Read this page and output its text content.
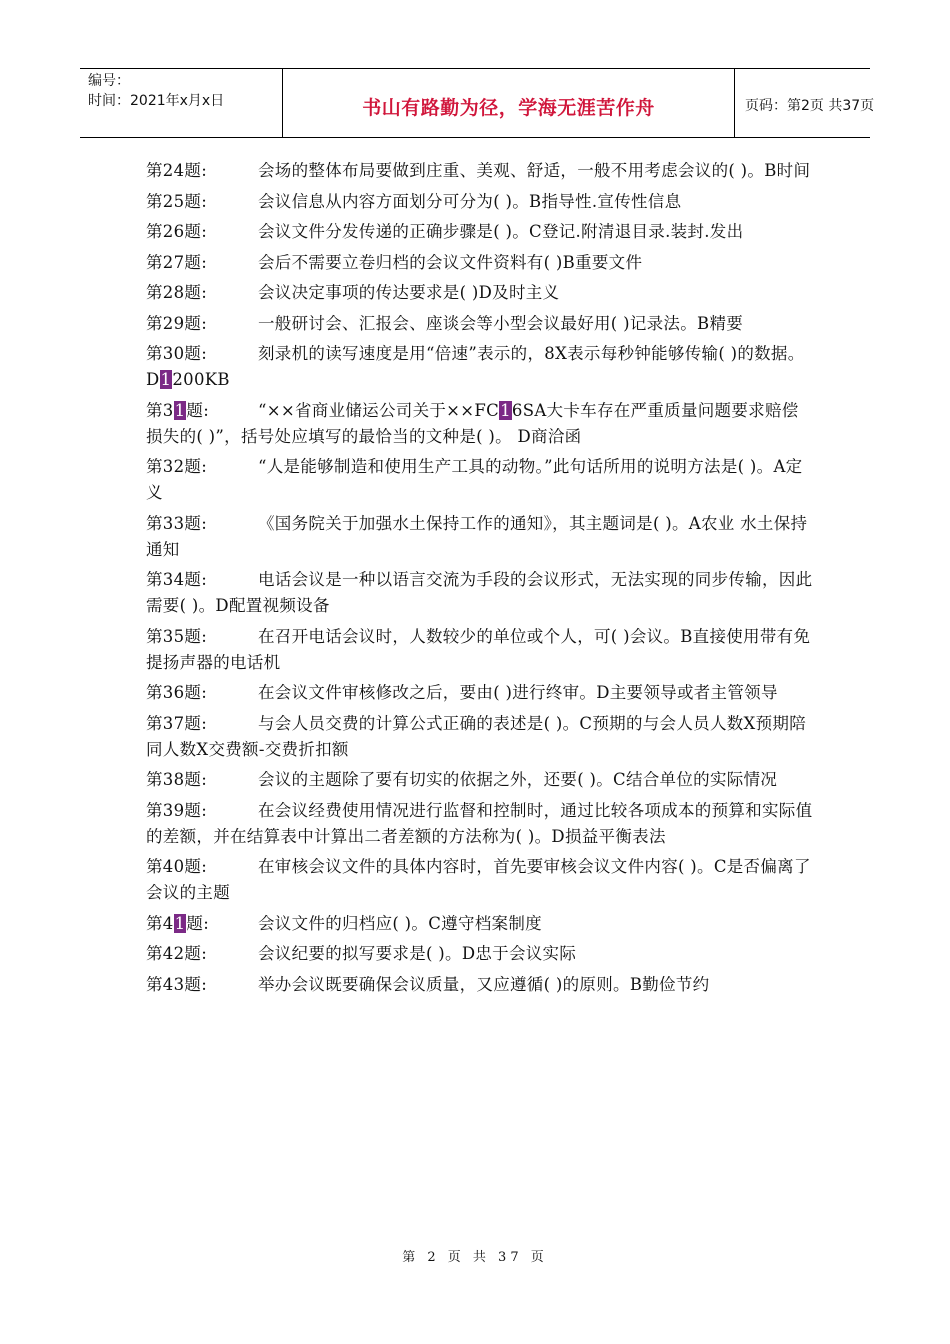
编号：
时间：2021年x月x日	书山有路勤为径，学海无涯苦作舟	页码：第2页 共37页
第24题:	会场的整体布局要做到庄重、美观、舒适，一般不用考虑会议的( )。B时间
第25题:	会议信息从内容方面划分可分为( )。B指导性.宣传性信息
第26题:	会议文件分发传递的正确步骤是( )。C登记.附清退目录.装封.发出
第27题:	会后不需要立卷归档的会议文件资料有( )B重要文件
第28题:	会议决定事项的传达要求是( )D及时主义
第29题:	一般研讨会、汇报会、座谈会等小型会议最好用( )记录法。B精要
第30题:	刻录机的读写速度是用“倍速”表示的，8X表示每秒钟能够传输( )的数据。D1200KB
第31题:	“××省商业储运公司关于××FC16SA大卡车存在严重质量问题要求赔偿损失的( )”，括号处应填写的最恰当的文种是( )。 D商洽函
第32题:	“人是能够制造和使用生产工具的动物。”此句话所用的说明方法是( )。A定义
第33题:	《国务院关于加强水土保持工作的通知》，其主题词是( )。A农业 水土保持通知
第34题:	电话会议是一种以语言交流为手段的会议形式，无法实现的同步传输，因此需要( )。D配置视频设备
第35题:	在召开电话会议时，人数较少的单位或个人，可( )会议。B直接使用带有免提扬声器的电话机
第36题:	在会议文件审核修改之后，要由( )进行终审。D主要领导或者主管领导
第37题:	与会人员交费的计算公式正确的表述是( )。C预期的与会人员人数X预期陪同人数X交费额-交费折扣额
第38题:	会议的主题除了要有切实的依据之外，还要( )。C结合单位的实际情况
第39题:	在会议经费使用情况进行监督和控制时，通过比较各项成本的预算和实际值的差额，并在结算表中计算出二者差额的方法称为( )。D损益平衡表法
第40题:	在审核会议文件的具体内容时，首先要审核会议文件内容( )。C是否偏离了会议的主题
第41题:	会议文件的归档应( )。C遵守档案制度
第42题:	会议纪要的拟写要求是( )。D忠于会议实际
第43题:	举办会议既要确保会议质量，又应遵循( )的原则。B勤俭节约
第 2 页 共 37 页
